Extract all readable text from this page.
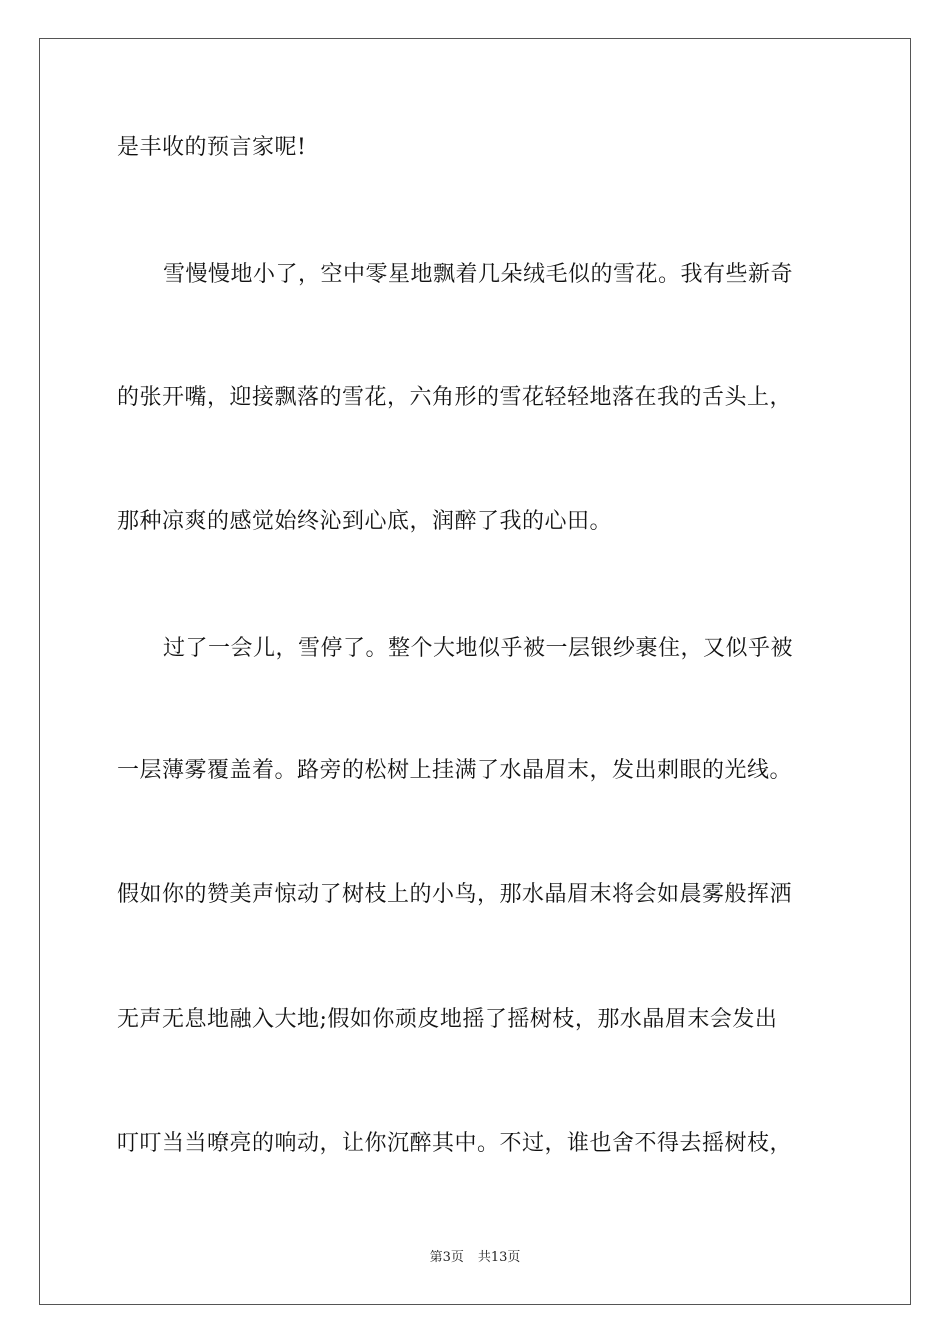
是丰收的预言家呢!
雪慢慢地小了，空中零星地飘着几朵绒毛似的雪花。我有些新奇
的张开嘴，迎接飘落的雪花，六角形的雪花轻轻地落在我的舌头上，
那种凉爽的感觉始终沁到心底，润醉了我的心田。
过了一会儿，雪停了。整个大地似乎被一层银纱裹住，又似乎被
一层薄雾覆盖着。路旁的松树上挂满了水晶眉末，发出刺眼的光线。
假如你的赞美声惊动了树枝上的小鸟，那水晶眉末将会如晨雾般挥洒
无声无息地融入大地;假如你顽皮地摇了摇树枝，那水晶眉末会发出
叮叮当当嘹亮的响动，让你沉醉其中。不过，谁也舍不得去摇树枝，
第3页 共13页
